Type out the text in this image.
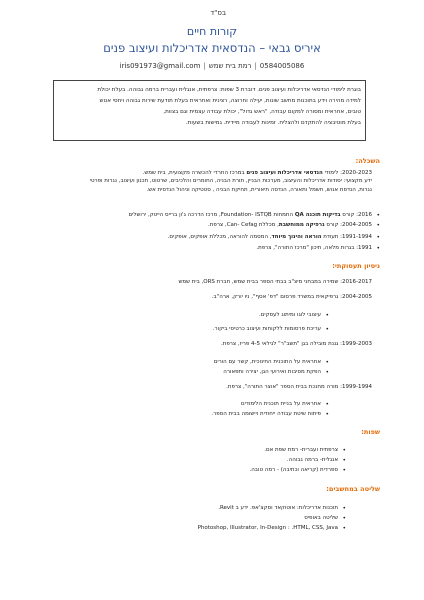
בס"ד
קורות חיים
איריס גבאי – הנדסאית אדריכלות ועיצוב פנים
0584005086|רמת בית שמש|iris091973@gmail.com

בוגרת לימודי הנדסאי אדריכלות ועיצוב פנים. דוברת 3 שפות: צרפתית, אנגלית ועברית ברמה גבוהה. בעלת יכולת

למידה מהירה וידע בתוכנות מחשב שונות, יעילה וחרוצה, רצינית ואחראית בעלת תודעת שירות גבוהה ויחסי אנוש

טובים, אחראית ומסורה למקום עבודה, "ראש גדול", יכולת עבודה עצמית וגם בצוות,

בעלת מוטיבציה להתקדם ולהצליח. זמינות לעבודה מיידית. גמישות בשעות.

השכלה:
2020-2023: לימודי הנדסאי אדריכלות ועיצוב פנים במרכז החרדי להכשרה מקצועית, בית שמש.
ידע מקצועי: יסודות אדריכלות והעיצוב, מערכות הבניין, תורת הבניה, החומרים והלכיבים, שרטוט, תכנון ועיצוב, נגרות ופרטי
נגרות, הנדסת אנוש, חשמל ותאורה, הנדסה תיאורית, תחיקת הבניה , סטטיקה וניהול הנדסית אש.
• 2016: קורס בדיקות תוכנה QA התמחות Foundation- ISTQB, מרכז הדרכה ג'ון ברייס הייטק, ירושלים
• 2004-2005: קורס גרפיקה ממוחשבת, מכללת Can- Cefag, צרפת.
• 1991-1994: תעודת הוראה והינוך מיוחד, המסמה להוראה, מכללת אופקים, אופקים.
• 1991: בגרות מלאה, תיכון "מרכז התורה", צרפת.
ניסיון תעסוקתי:
2016-2017: שמירה במבחני מיצ"ב בבתי הספר בבית שמש, חברת ORS, בית שמש
2004-2005: גרפיקאית במשרד פרסום "דפ' אסף", ניו יורק, ארה"ב.
• עיצובי לוגו ומיתוג לעסקים.
• עריכת פרסומות ללקוחות ועיצוב כרטיסי ביקור.
1999-2003: גננת מובילה בגן "תשב"ר" לגילאי 4-5 פריז, צרפת.
• אחראית על התוכנית החינוכית, קשר עם הורים
• הפקת מסיבות ואירועי הגן, יצירה ותפאורה
1999-1994: מורה מחנכת בבית הספר "אוצר התורה", צרפת.
• אחראית על בניית תוכנית הלימודים
• פיתוח שיטת עבודה ייחודית ויישומה בבית הספר.
שפות:
• צרפתית ועברית- רמת שפת אם.
• אנגלית- ברמה גבוהה.
• ספרדית (קריאה וכתיבה) - רמה טובה.
שליטה במחשבים:
• תוכנות אדריכלות: אוטוקאד וסקצ'אפ. ידע ב Revit.
• שליטה באופיס
• Photoshop, Illustrator, In-Design : .HTML, CSS, Java
